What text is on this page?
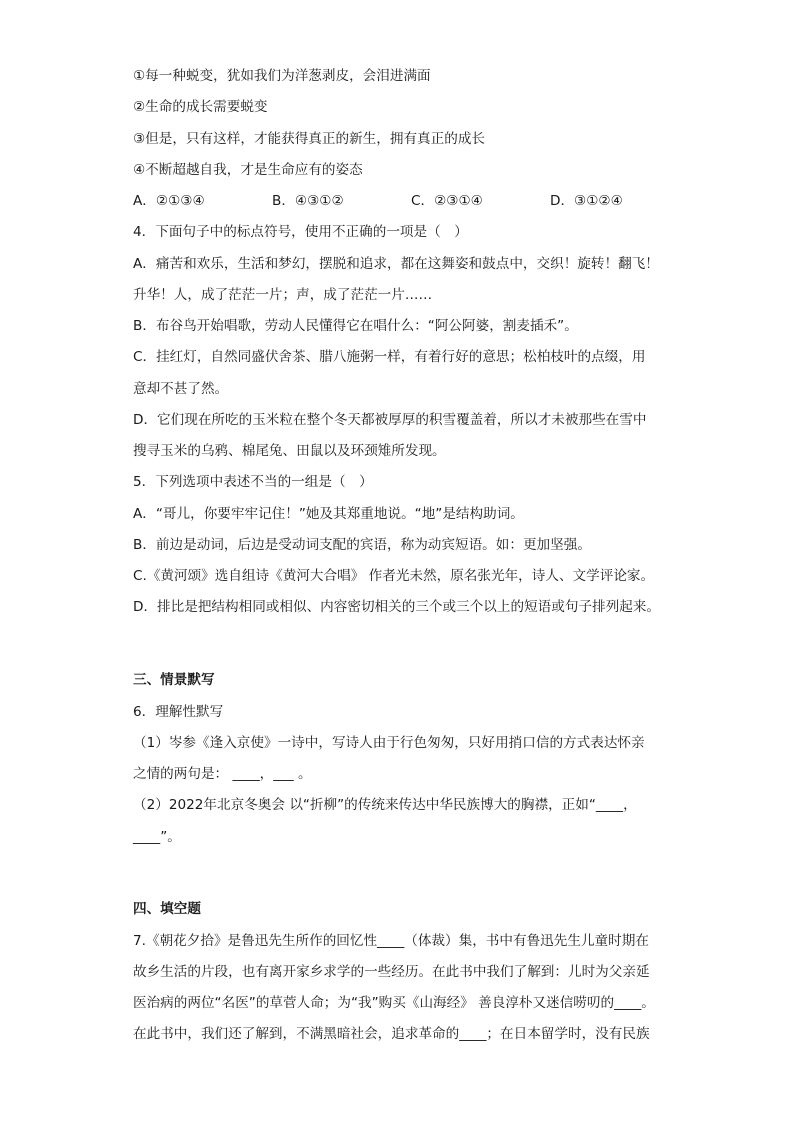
①每一种蜕变，犹如我们为洋葱剥皮，会泪进满面
②生命的成长需要蜕变
③但是，只有这样，才能获得真正的新生，拥有真正的成长
④不断超越自我，才是生命应有的姿态
A．②①③④	B．④③①②	C．②③①④	D．③①②④
4．下面句子中的标点符号，使用不正确的一项是（　）
A．痛苦和欢乐，生活和梦幻，摆脱和追求，都在这舞姿和鼓点中，交织！旋转！翻飞！
升华！人，成了茫茫一片；声，成了茫茫一片……
B．布谷鸟开始唱歌，劳动人民懂得它在唱什么：“阿公阿婆，割麦插禾”。
C．挂红灯，自然同盛伏舍茶、腊八施粥一样，有着行好的意思；松柏枝叶的点缀，用
意却不甚了然。
D．它们现在所吃的玉米粒在整个冬天都被厚厚的积雪覆盖着，所以才未被那些在雪中
搜寻玉米的乌鸦、棉尾兔、田鼠以及环颈雉所发现。
5．下列选项中表述不当的一组是（　）
A．“哥儿，你要牢牢记住！”她及其郑重地说。“地”是结构助词。
B．前边是动词，后边是受动词支配的宾语，称为动宾短语。如：更加坚强。
C.《黄河颂》选自组诗《黄河大合唱》 作者光未然，原名张光年，诗人、文学评论家。
D．排比是把结构相同或相似、内容密切相关的三个或三个以上的短语或句子排列起来。
三、情景默写
6．理解性默写
（1）岑参《逢入京使》一诗中，写诗人由于行色匆匆，只好用捎口信的方式表达怀亲
之情的两句是： ____，___ 。
（2）2022年北京冬奥会 以“折柳”的传统来传达中华民族博大的胸襟，正如“____，
____”。
四、填空题
7.《朝花夕拾》是鲁迅先生所作的回忆性____（体裁）集，书中有鲁迅先生儿童时期在
故乡生活的片段，也有离开家乡求学的一些经历。在此书中我们了解到：儿时为父亲延
医治病的两位“名医”的草菅人命；为“我”购买《山海经》 善良淳朴又迷信唠叨的____。
在此书中，我们还了解到，不满黑暗社会，追求革命的____；在日本留学时，没有民族
